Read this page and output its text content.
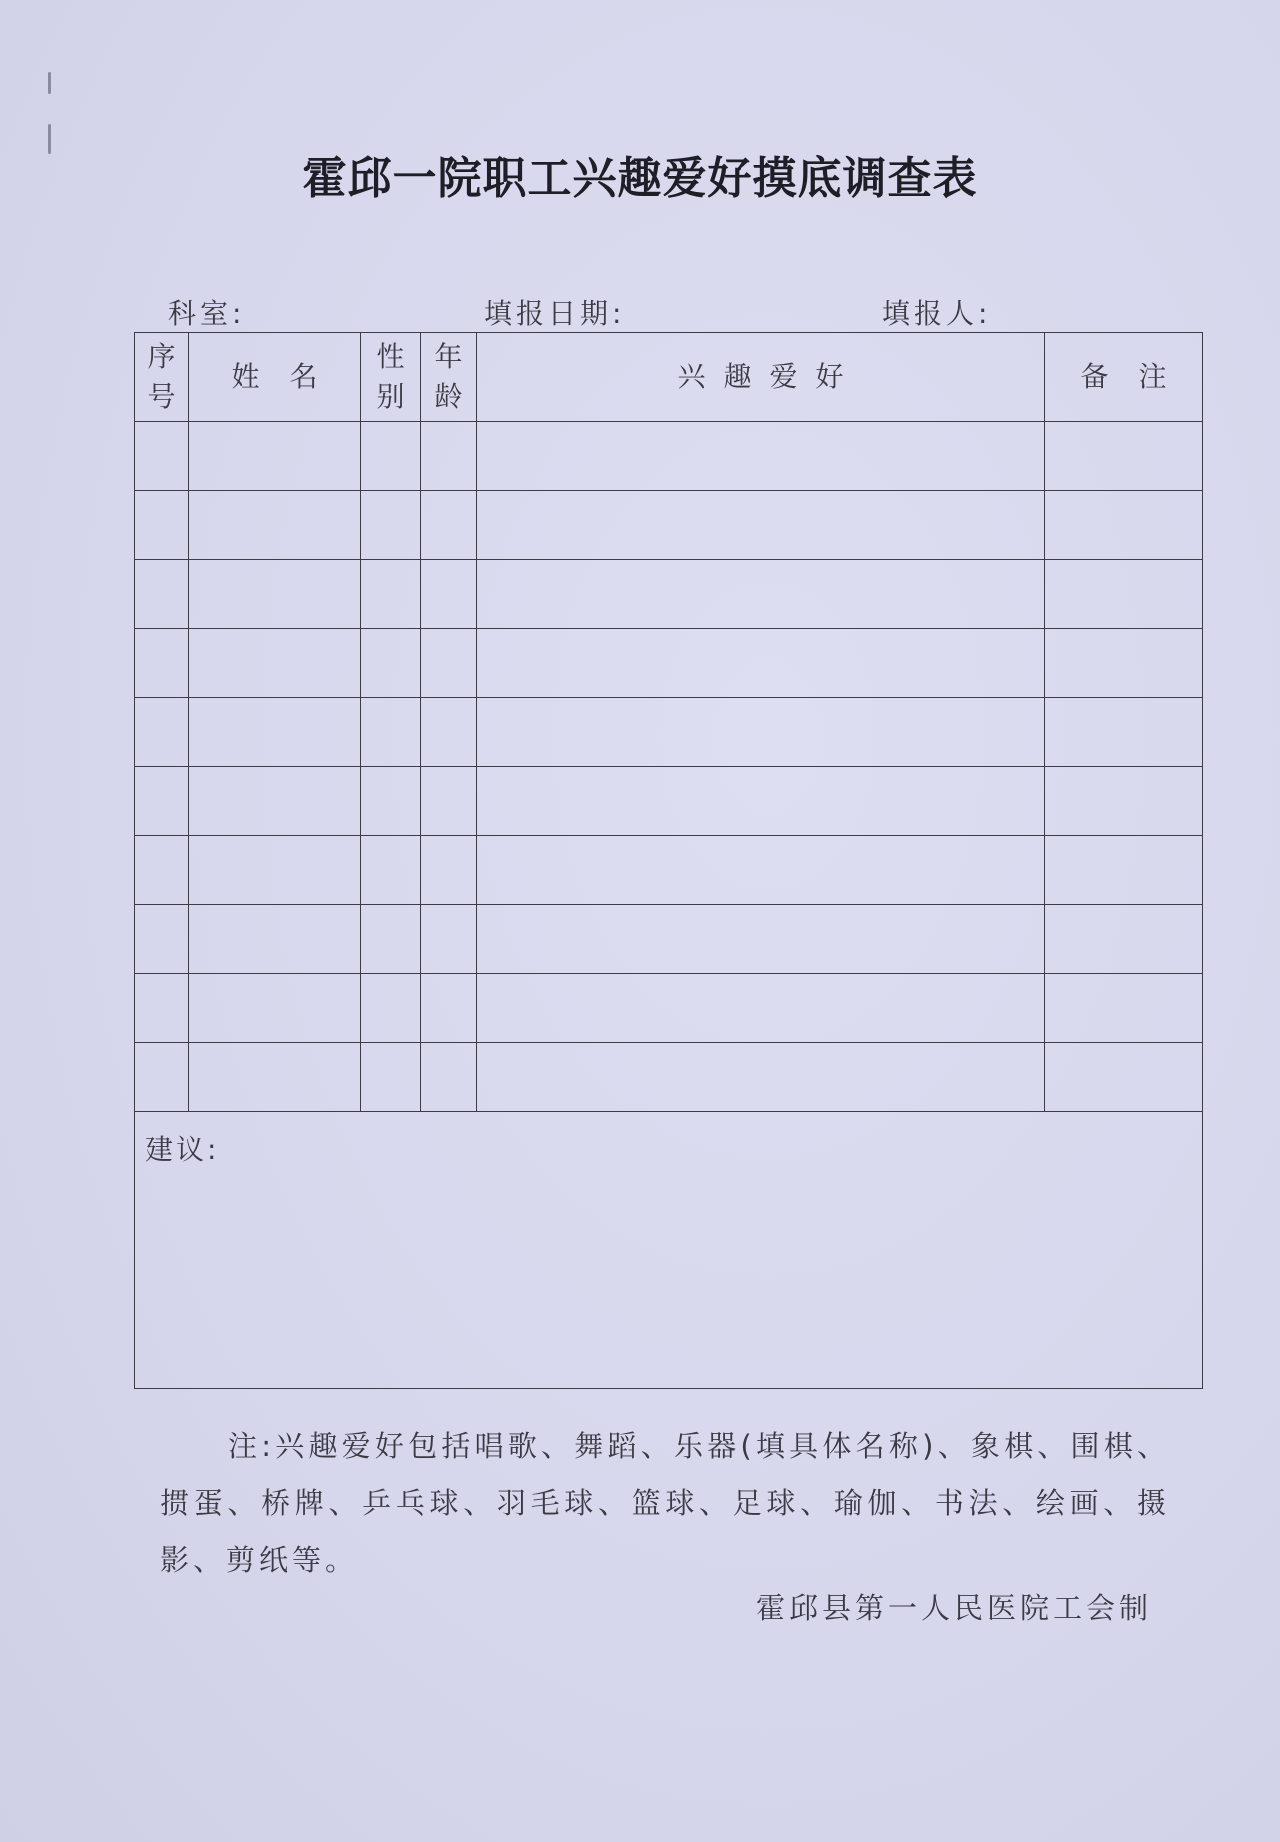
霍邱一院职工兴趣爱好摸底调查表
科室:	填报日期:	填报人:
序号	姓名	性别	年龄	兴趣爱好	备注

建议:					

注:兴趣爱好包括唱歌、舞蹈、乐器(填具体名称)、象棋、围棋、掼蛋、桥牌、乒乓球、羽毛球、篮球、足球、瑜伽、书法、绘画、摄影、剪纸等。

霍邱县第一人民医院工会制
